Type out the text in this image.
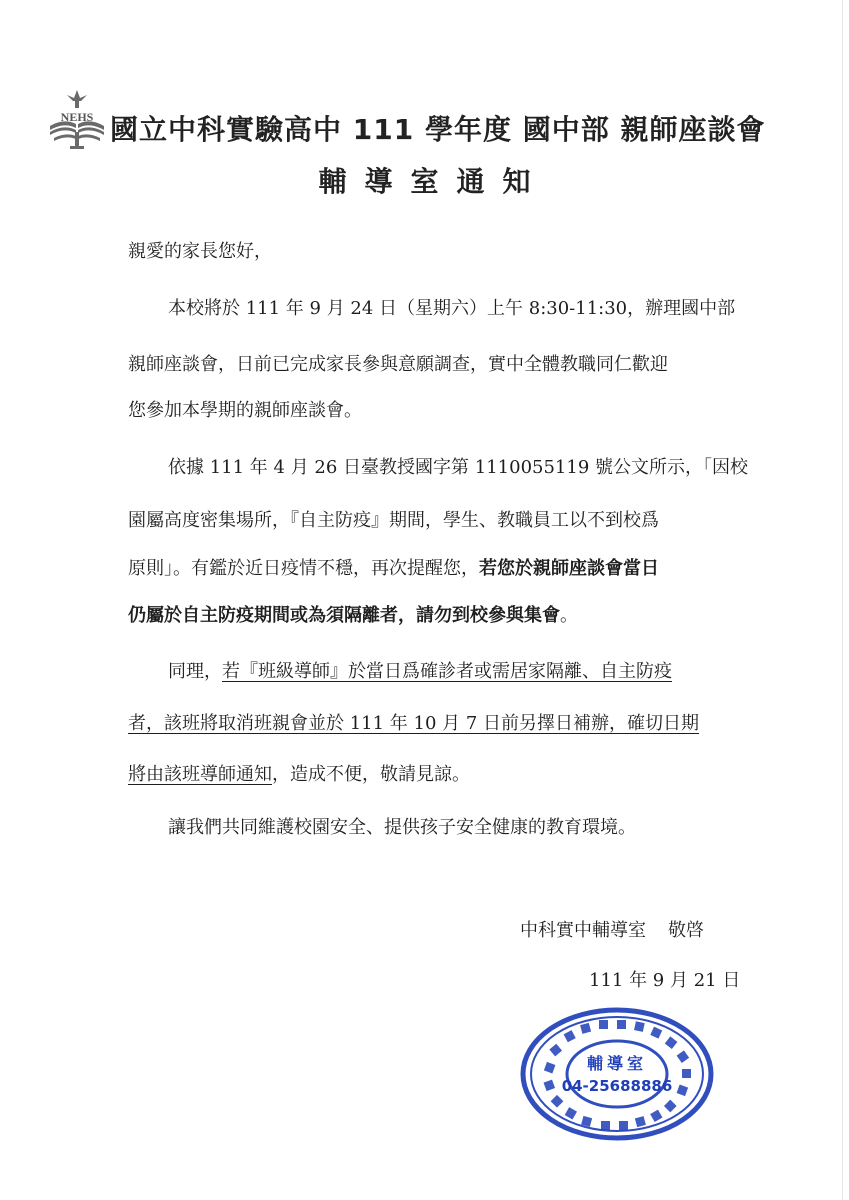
NEHS 國立中科實驗高中 111 學年度 國中部 親師座談會
輔導室通知
親愛的家長您好，
本校將於 111 年 9 月 24 日（星期六）上午 8:30-11:30，辦理國中部
親師座談會，日前已完成家長參與意願調查，實中全體教職同仁歡迎
您參加本學期的親師座談會。
依據 111 年 4 月 26 日臺教授國字第 1110055119 號公文所示，「因校
園屬高度密集場所，『自主防疫』期間，學生、教職員工以不到校爲
原則」。有鑑於近日疫情不穩，再次提醒您，若您於親師座談會當日
仍屬於自主防疫期間或為須隔離者，請勿到校參與集會。
同理，若『班級導師』於當日爲確診者或需居家隔離、自主防疫
者，該班將取消班親會並於 111 年 10 月 7 日前另擇日補辦，確切日期
將由該班導師通知，造成不便，敬請見諒。
讓我們共同維護校園安全、提供孩子安全健康的教育環境。
中科實中輔導室 敬啓
111 年 9 月 21 日
輔導室
04-25688886
